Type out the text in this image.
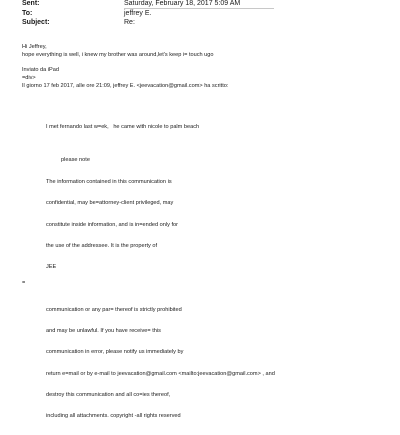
Sent:	Saturday, February 18, 2017 5:09 AM
To:	jeffrey E.
Subject:	Re:
Hi Jeffrey,
hope everything is well, i knew my brother was around,let's keep i= touch ugo
Inviato da iPad
=div>
Il giorno 17 feb 2017, alle ore 21:09, jeffrey E. <jeevacation@gmail.com> ha scritto:
I met fernando last w=ek,   he came with nicole to palm beach
please note

The information contained in this communication is

confidential, may be=attorney-client privileged, may

constitute inside information, and is in=ended only for

the use of the addressee. It is the property of

JEE

communication or any par= thereof is strictly prohibited

and may be unlawful. If you have receive= this

communication in error, please notify us immediately by

return e=mail or by e-mail to jeevacation@gmail.com <mailto:jeevacation@gmail.com> , and

destroy this communication and all co=ies thereof,

including all attachments. copyright -all rights reserved

=
